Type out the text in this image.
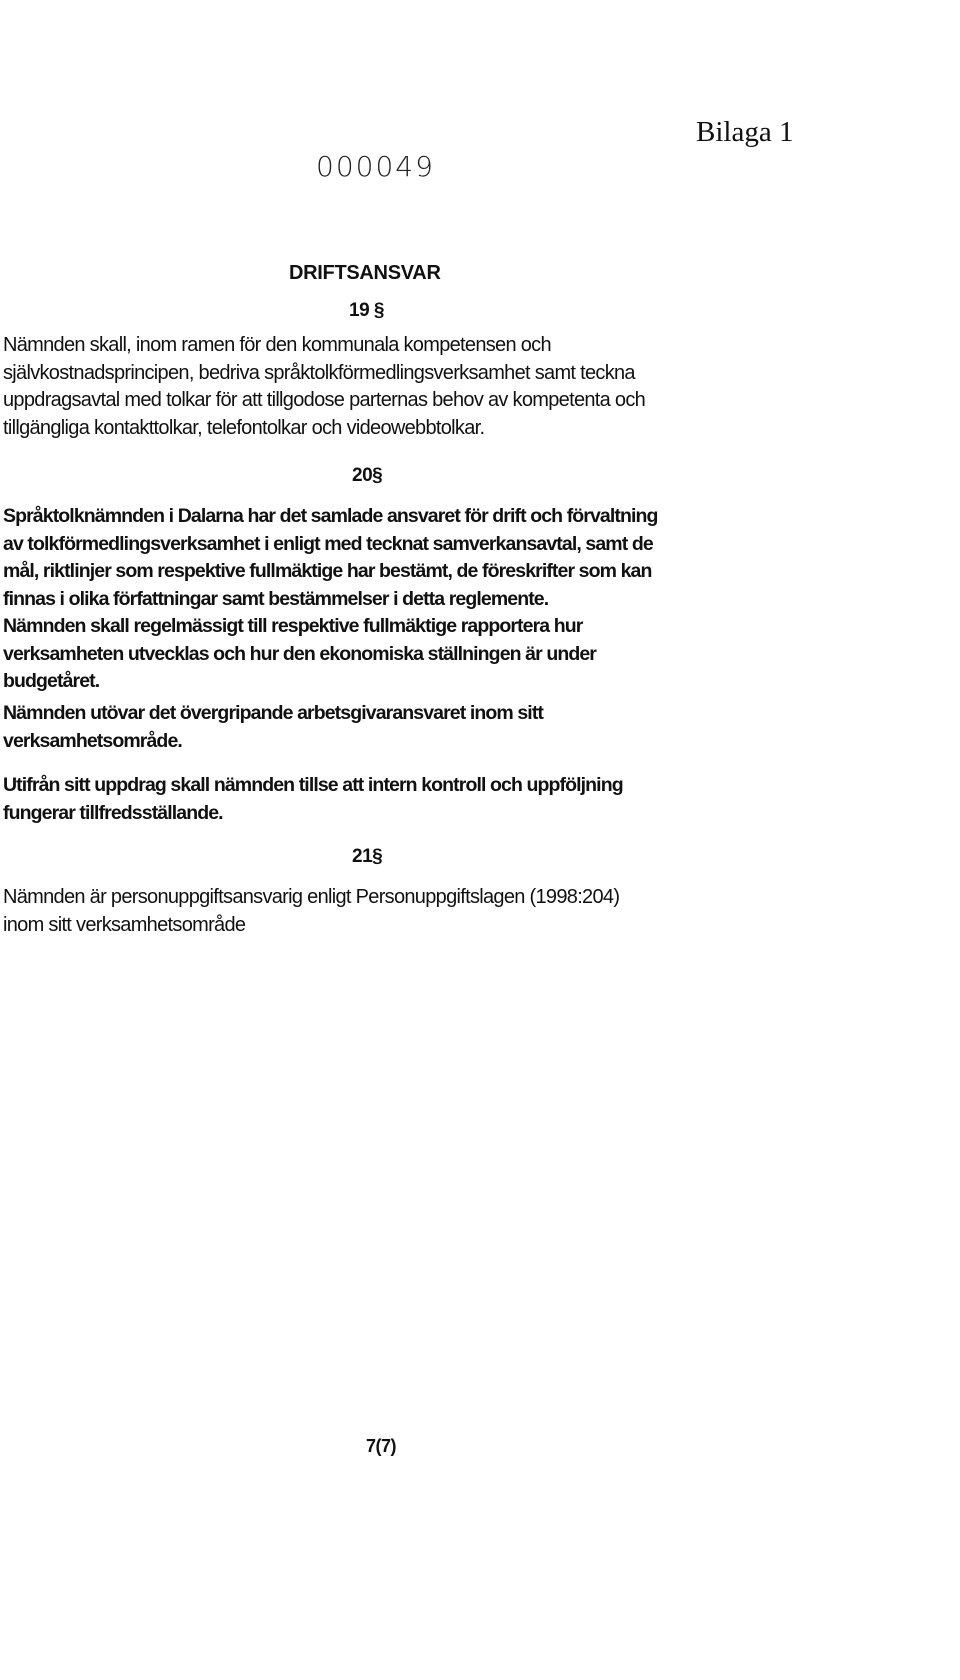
Bilaga 1
000049
DRIFTSANSVAR
19 §
Nämnden skall, inom ramen för den kommunala kompetensen och
självkostnadsprincipen, bedriva språktolkförmedlingsverksamhet samt teckna
uppdragsavtal med tolkar för att tillgodose parternas behov av kompetenta och
tillgängliga kontakttolkar, telefontolkar och videowebbtolkar.
20§
Språktolknämnden i Dalarna har det samlade ansvaret för drift och förvaltning
av tolkförmedlingsverksamhet i enligt med tecknat samverkansavtal, samt de
mål, riktlinjer som respektive fullmäktige har bestämt, de föreskrifter som kan
finnas i olika författningar samt bestämmelser i detta reglemente.
Nämnden skall regelmässigt till respektive fullmäktige rapportera hur
verksamheten utvecklas och hur den ekonomiska ställningen är under
budgetåret.
Nämnden utövar det övergripande arbetsgivaransvaret inom sitt
verksamhetsområde.
Utifrån sitt uppdrag skall nämnden tillse att intern kontroll och uppföljning
fungerar tillfredsställande.
21§
Nämnden är personuppgiftsansvarig enligt Personuppgiftslagen (1998:204)
inom sitt verksamhetsområde
7(7)
